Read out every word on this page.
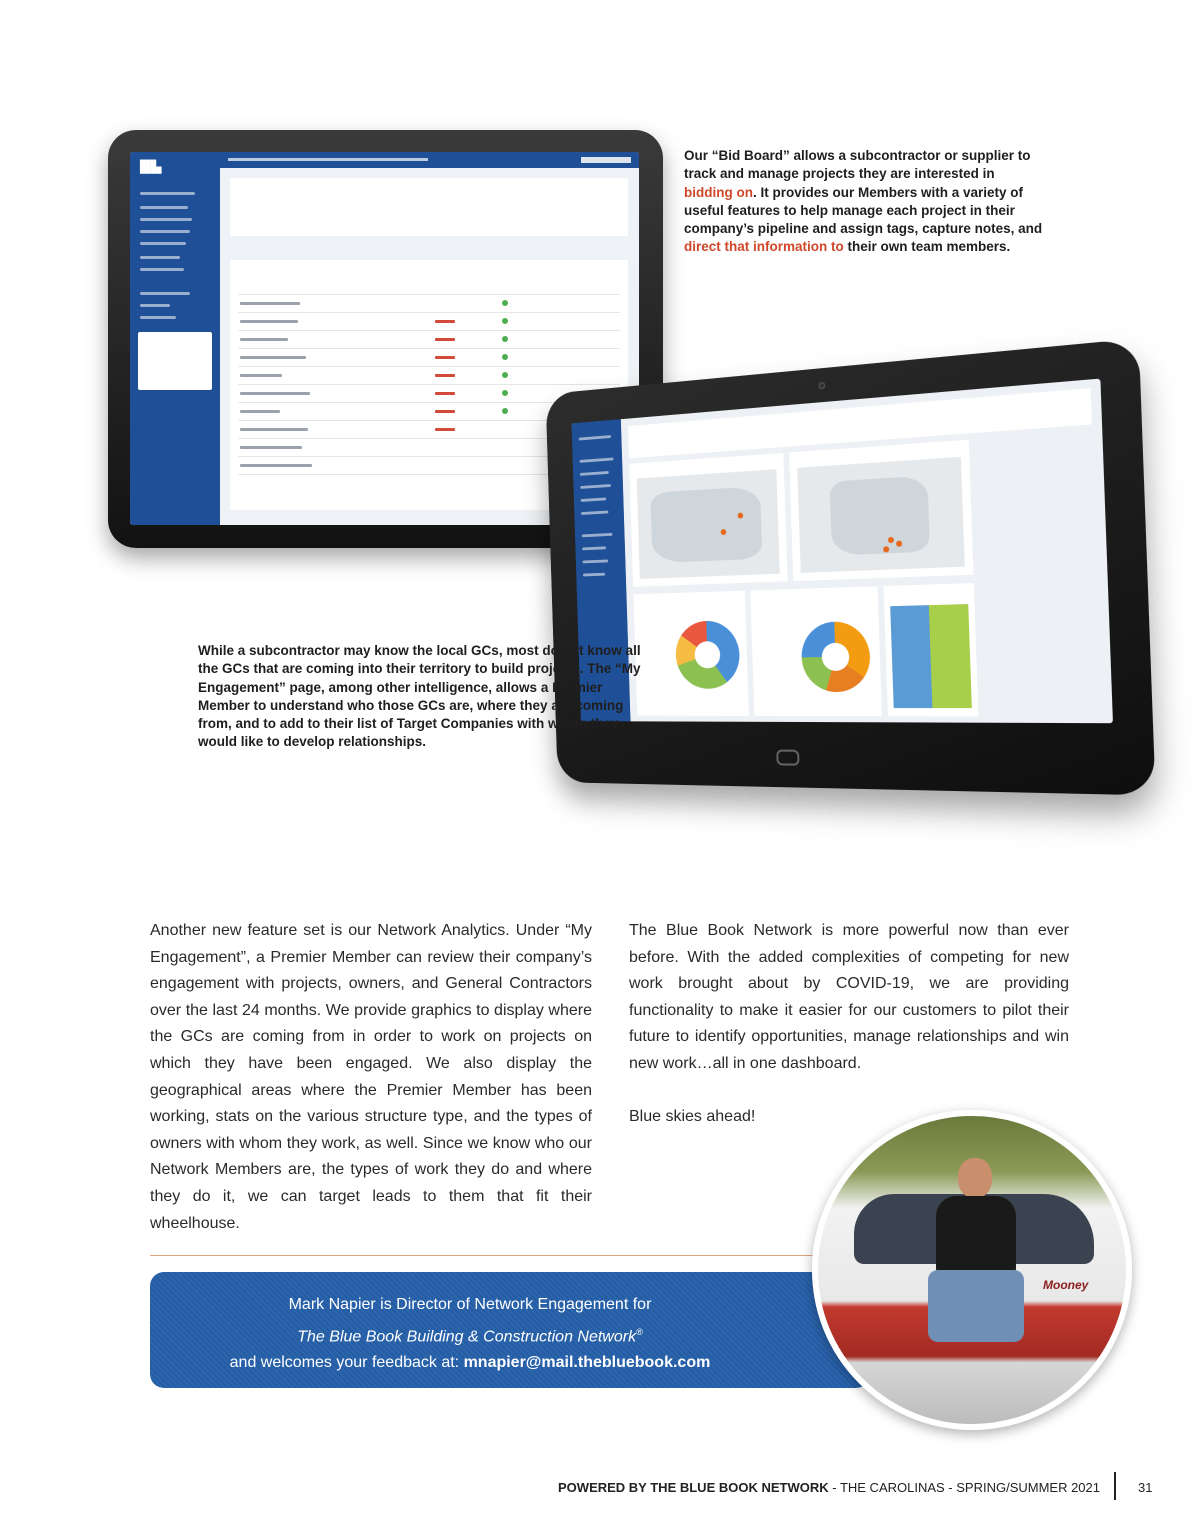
▇▇▇
▇▇▇▇

Our “Bid Board” allows a subcontractor or supplier to track and manage projects they are interested in bidding on. It provides our Members with a variety of useful features to help manage each project in their company’s pipeline and assign tags, capture notes, and direct that information to their own team members.

While a subcontractor may know the local GCs, most do not know all the GCs that are coming into their territory to build projects. The “My Engagement” page, among other intelligence, allows a Premier Member to understand who those GCs are, where they are coming from, and to add to their list of Target Companies with whom they would like to develop relationships.

Another new feature set is our Network Analytics. Under “My Engagement”, a Premier Member can review their company’s engagement with projects, owners, and General Contractors over the last 24 months. We provide graphics to display where the GCs are coming from in order to work on projects on which they have been engaged. We also display the geographical areas where the Premier Member has been working, stats on the various structure type, and the types of owners with whom they work, as well. Since we know who our Network Members are, the types of work they do and where they do it, we can target leads to them that fit their wheelhouse.

The Blue Book Network is more powerful now than ever before. With the added complexities of competing for new work brought about by COVID-19, we are providing functionality to make it easier for our customers to pilot their future to identify opportunities, manage relationships and win new work…all in one dashboard.

Blue skies ahead!

Mark Napier is Director of Network Engagement for
The Blue Book Building & Construction Network®
and welcomes your feedback at: mnapier@mail.thebluebook.com
Mooney
POWERED BY THE BLUE BOOK NETWORK - THE CAROLINAS - SPRING/SUMMER 2021	31
